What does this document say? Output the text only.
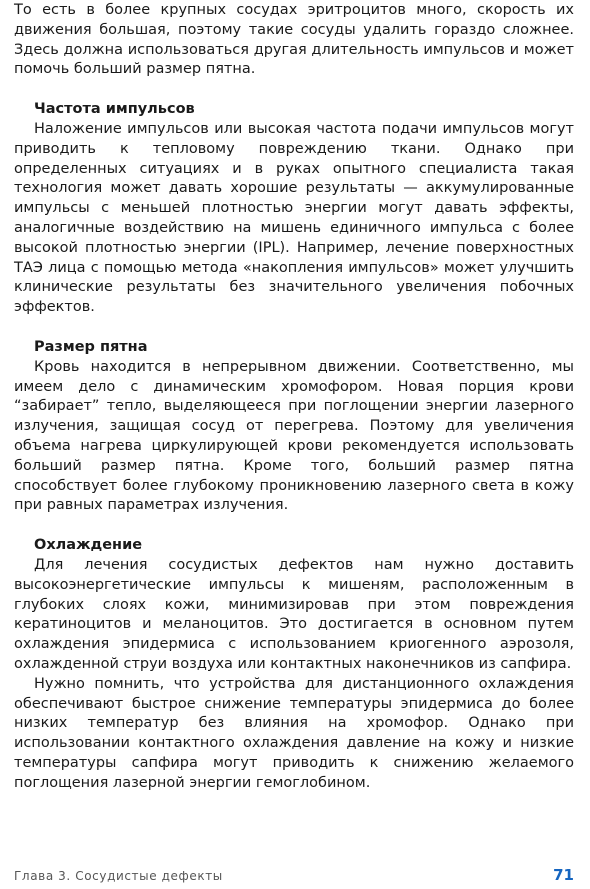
То есть в более крупных сосудах эритроцитов много, скорость их движения большая, поэтому такие сосуды удалить гораздо сложнее. Здесь должна использоваться другая длительность импульсов и может помочь больший размер пятна.

Частота импульсов

Наложение импульсов или высокая частота подачи импульсов могут приводить к тепловому повреждению ткани. Однако при определенных ситуациях и в руках опытного специалиста такая технология может давать хорошие результаты — аккумулированные импульсы с меньшей плотностью энергии могут давать эффекты, аналогичные воздействию на мишень единичного импульса с более высокой плотностью энергии (IPL). Например, лечение поверхностных ТАЭ лица с помощью метода «накопления импульсов» может улучшить клинические результаты без значительного увеличения побочных эффектов.

Размер пятна

Кровь находится в непрерывном движении. Соответственно, мы имеем дело с динамическим хромофором. Новая порция крови “забирает” тепло, выделяющееся при поглощении энергии лазерного излучения, защищая сосуд от перегрева. Поэтому для увеличения объема нагрева циркулирующей крови рекомендуется использовать больший размер пятна. Кроме того, больший размер пятна способствует более глубокому проникновению лазерного света в кожу при равных параметрах излучения.

Охлаждение

Для лечения сосудистых дефектов нам нужно доставить высокоэнергетические импульсы к мишеням, расположенным в глубоких слоях кожи, минимизировав при этом повреждения кератиноцитов и меланоцитов. Это достигается в основном путем охлаждения эпидермиса с использованием криогенного аэрозоля, охлажденной струи воздуха или контактных наконечников из сапфира.

Нужно помнить, что устройства для дистанционного охлаждения обеспечивают быстрое снижение температуры эпидермиса до более низких температур без влияния на хромофор. Однако при использовании контактного охлаждения давление на кожу и низкие температуры сапфира могут приводить к снижению желаемого поглощения лазерной энергии гемоглобином.

Глава 3. Сосудистые дефекты	71
